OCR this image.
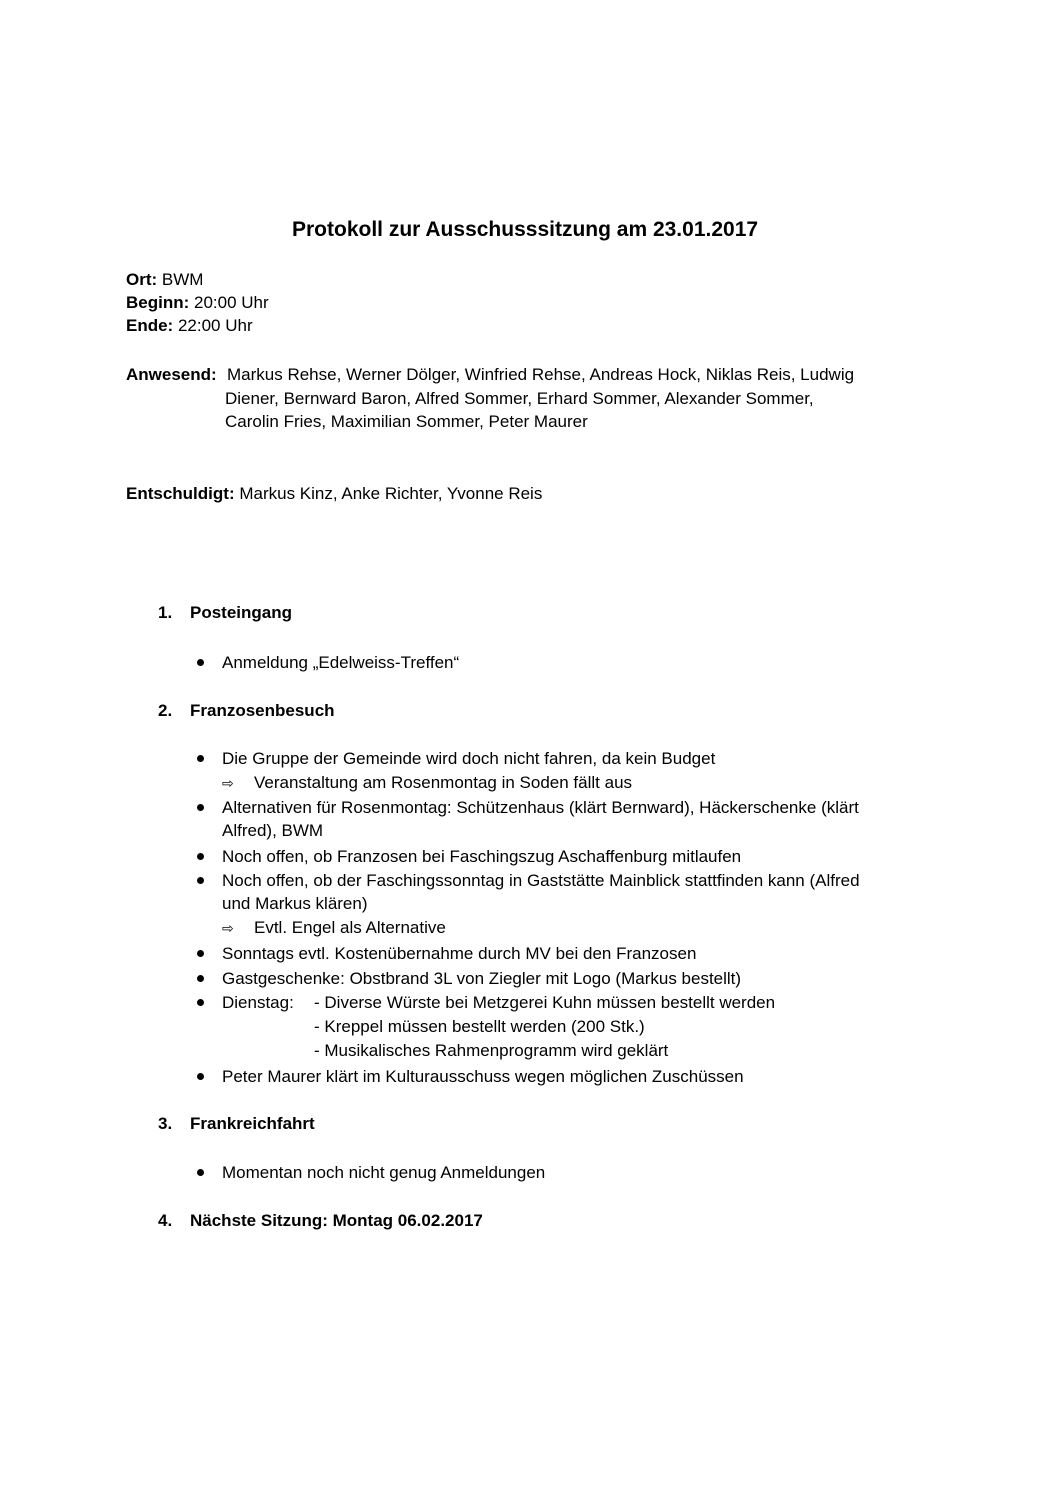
Protokoll zur Ausschusssitzung am 23.01.2017
Ort: BWM
Beginn: 20:00 Uhr
Ende: 22:00 Uhr
Anwesend: Markus Rehse, Werner Dölger, Winfried Rehse, Andreas Hock, Niklas Reis, Ludwig
Diener, Bernward Baron, Alfred Sommer, Erhard Sommer, Alexander Sommer,
Carolin Fries, Maximilian Sommer, Peter Maurer
Entschuldigt: Markus Kinz, Anke Richter, Yvonne Reis
1. Posteingang
Anmeldung „Edelweiss-Treffen“
2. Franzosenbesuch
Die Gruppe der Gemeinde wird doch nicht fahren, da kein Budget
⇨ Veranstaltung am Rosenmontag in Soden fällt aus
Alternativen für Rosenmontag: Schützenhaus (klärt Bernward), Häckerschenke (klärt
Alfred), BWM
Noch offen, ob Franzosen bei Faschingszug Aschaffenburg mitlaufen
Noch offen, ob der Faschingssonntag in Gaststätte Mainblick stattfinden kann (Alfred
und Markus klären)
⇨ Evtl. Engel als Alternative
Sonntags evtl. Kostenübernahme durch MV bei den Franzosen
Gastgeschenke: Obstbrand 3L von Ziegler mit Logo (Markus bestellt)
Dienstag: - Diverse Würste bei Metzgerei Kuhn müssen bestellt werden
- Kreppel müssen bestellt werden (200 Stk.)
- Musikalisches Rahmenprogramm wird geklärt
Peter Maurer klärt im Kulturausschuss wegen möglichen Zuschüssen
3. Frankreichfahrt
Momentan noch nicht genug Anmeldungen
4. Nächste Sitzung: Montag 06.02.2017
